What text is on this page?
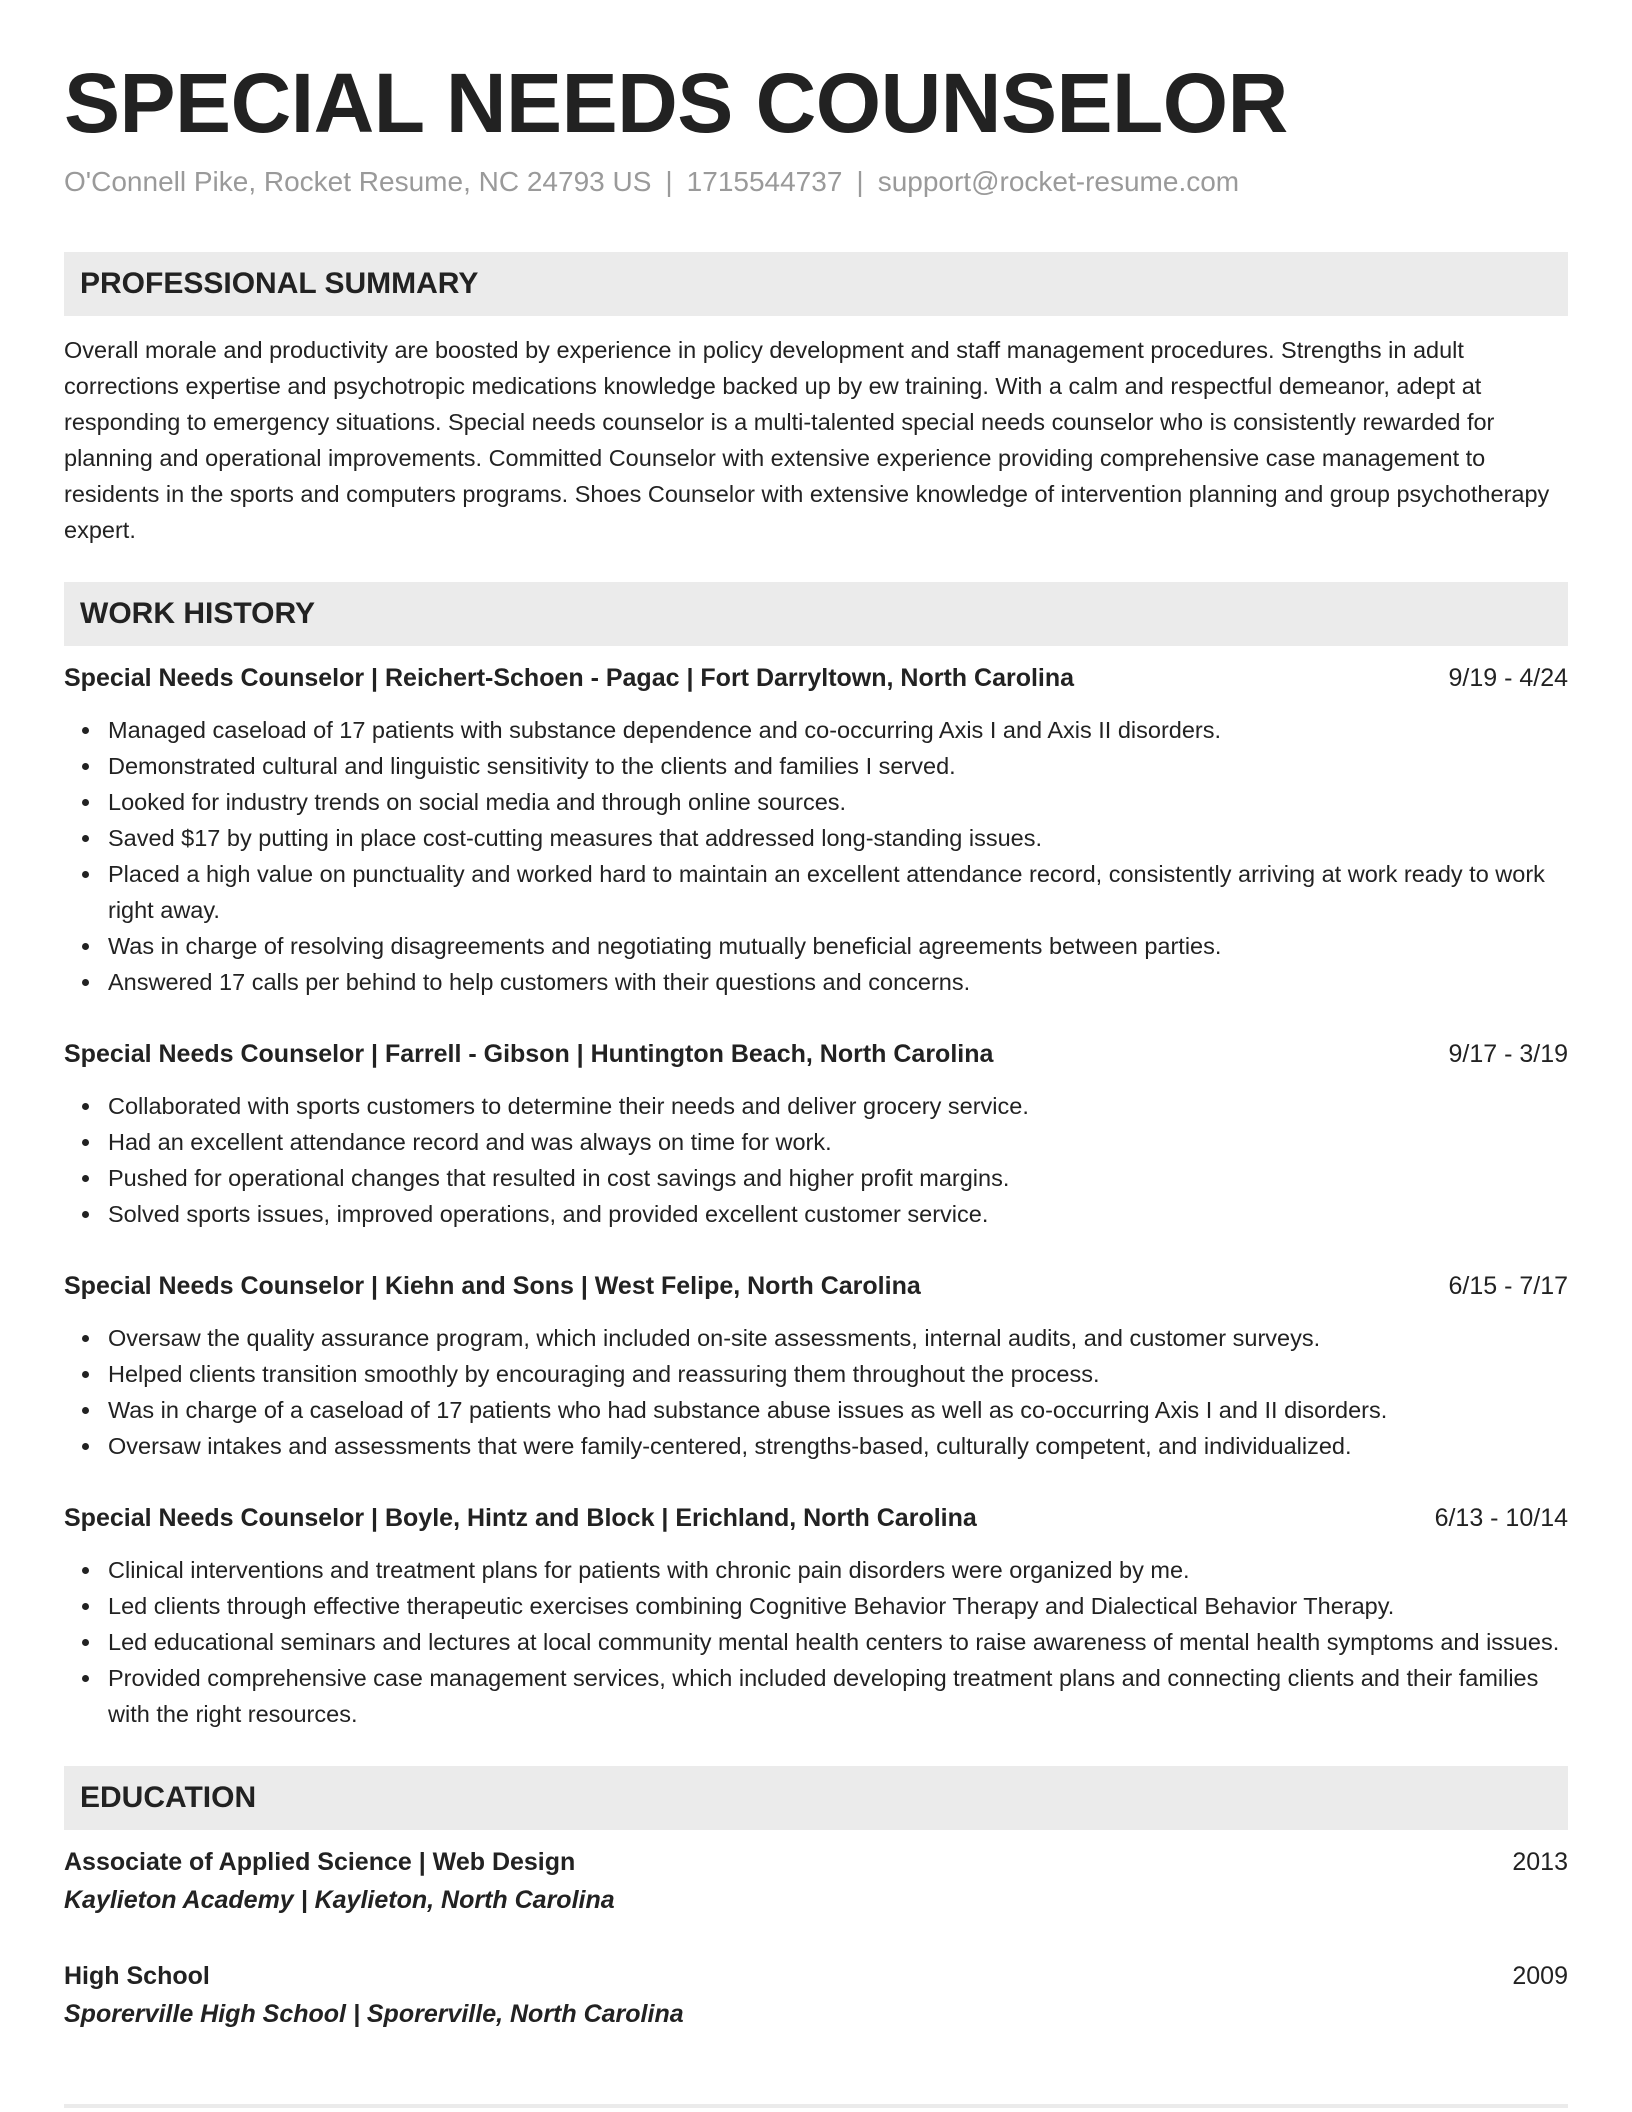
SPECIAL NEEDS COUNSELOR
O'Connell Pike, Rocket Resume, NC 24793 US | 1715544737 | support@rocket-resume.com
PROFESSIONAL SUMMARY
Overall morale and productivity are boosted by experience in policy development and staff management procedures. Strengths in adult corrections expertise and psychotropic medications knowledge backed up by ew training. With a calm and respectful demeanor, adept at responding to emergency situations. Special needs counselor is a multi-talented special needs counselor who is consistently rewarded for planning and operational improvements. Committed Counselor with extensive experience providing comprehensive case management to residents in the sports and computers programs. Shoes Counselor with extensive knowledge of intervention planning and group psychotherapy expert.
WORK HISTORY
Special Needs Counselor | Reichert-Schoen - Pagac | Fort Darryltown, North Carolina	9/19 - 4/24
Managed caseload of 17 patients with substance dependence and co-occurring Axis I and Axis II disorders.
Demonstrated cultural and linguistic sensitivity to the clients and families I served.
Looked for industry trends on social media and through online sources.
Saved $17 by putting in place cost-cutting measures that addressed long-standing issues.
Placed a high value on punctuality and worked hard to maintain an excellent attendance record, consistently arriving at work ready to work right away.
Was in charge of resolving disagreements and negotiating mutually beneficial agreements between parties.
Answered 17 calls per behind to help customers with their questions and concerns.
Special Needs Counselor | Farrell - Gibson | Huntington Beach, North Carolina	9/17 - 3/19
Collaborated with sports customers to determine their needs and deliver grocery service.
Had an excellent attendance record and was always on time for work.
Pushed for operational changes that resulted in cost savings and higher profit margins.
Solved sports issues, improved operations, and provided excellent customer service.
Special Needs Counselor | Kiehn and Sons | West Felipe, North Carolina	6/15 - 7/17
Oversaw the quality assurance program, which included on-site assessments, internal audits, and customer surveys.
Helped clients transition smoothly by encouraging and reassuring them throughout the process.
Was in charge of a caseload of 17 patients who had substance abuse issues as well as co-occurring Axis I and II disorders.
Oversaw intakes and assessments that were family-centered, strengths-based, culturally competent, and individualized.
Special Needs Counselor | Boyle, Hintz and Block | Erichland, North Carolina	6/13 - 10/14
Clinical interventions and treatment plans for patients with chronic pain disorders were organized by me.
Led clients through effective therapeutic exercises combining Cognitive Behavior Therapy and Dialectical Behavior Therapy.
Led educational seminars and lectures at local community mental health centers to raise awareness of mental health symptoms and issues.
Provided comprehensive case management services, which included developing treatment plans and connecting clients and their families with the right resources.
EDUCATION
Associate of Applied Science | Web Design	2013
Kaylieton Academy | Kaylieton, North Carolina
High School	2009
Sporerville High School | Sporerville, North Carolina
